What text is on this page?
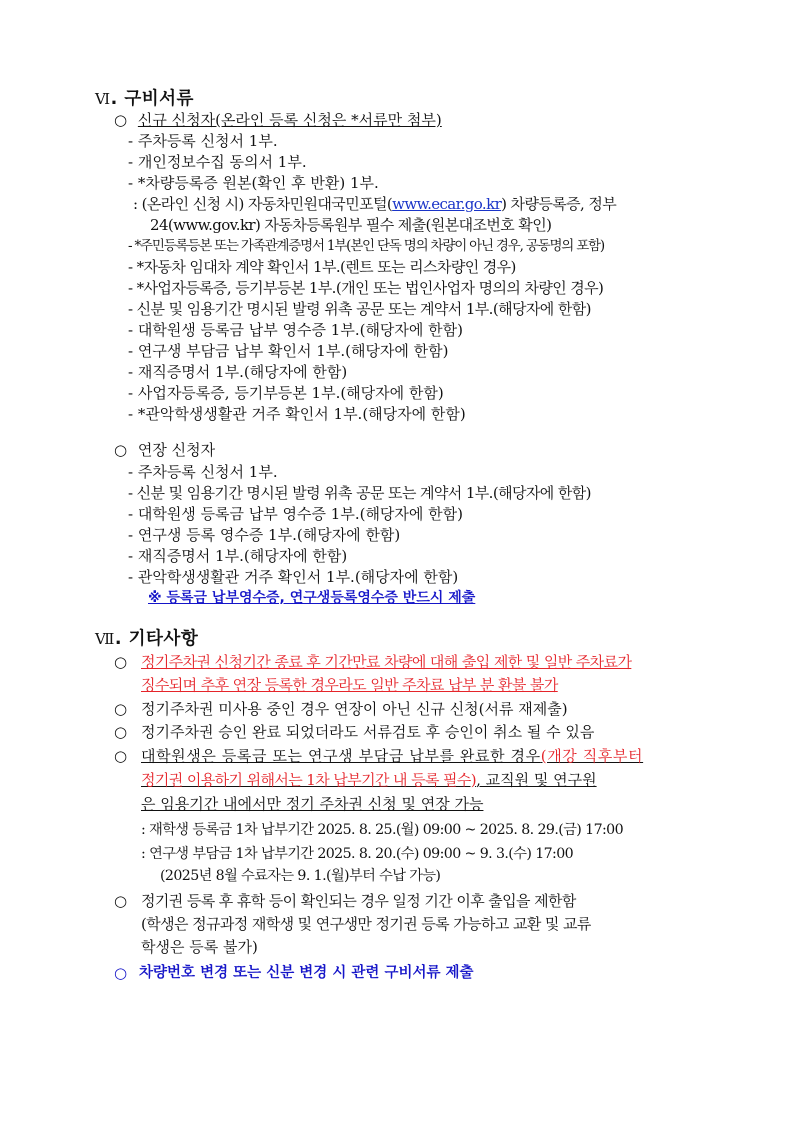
Ⅵ. 구비서류
○ 신규 신청자(온라인 등록 신청은 *서류만 첨부)
- 주차등록 신청서 1부.
- 개인정보수집 동의서 1부.
- *차량등록증 원본(확인 후 반환) 1부.
: (온라인 신청 시) 자동차민원대국민포털(www.ecar.go.kr) 차량등록증, 정부
24(www.gov.kr) 자동차등록원부 필수 제출(원본대조번호 확인)
- *주민등록등본 또는 가족관계증명서 1부(본인 단독 명의 차량이 아닌 경우, 공동명의 포함)
- *자동차 임대차 계약 확인서 1부.(렌트 또는 리스차량인 경우)
- *사업자등록증, 등기부등본 1부.(개인 또는 법인사업자 명의의 차량인 경우)
- 신분 및 임용기간 명시된 발령 위촉 공문 또는 계약서 1부.(해당자에 한함)
- 대학원생 등록금 납부 영수증 1부.(해당자에 한함)
- 연구생 부담금 납부 확인서 1부.(해당자에 한함)
- 재직증명서 1부.(해당자에 한함)
- 사업자등록증, 등기부등본 1부.(해당자에 한함)
- *관악학생생활관 거주 확인서 1부.(해당자에 한함)
○ 연장 신청자
- 주차등록 신청서 1부.
- 신분 및 임용기간 명시된 발령 위촉 공문 또는 계약서 1부.(해당자에 한함)
- 대학원생 등록금 납부 영수증 1부.(해당자에 한함)
- 연구생 등록 영수증 1부.(해당자에 한함)
- 재직증명서 1부.(해당자에 한함)
- 관악학생생활관 거주 확인서 1부.(해당자에 한함)
※ 등록금 납부영수증, 연구생등록영수증 반드시 제출
Ⅶ. 기타사항
○ 정기주차권 신청기간 종료 후 기간만료 차량에 대해 출입 제한 및 일반 주차료가
징수되며 추후 연장 등록한 경우라도 일반 주차료 납부 분 환불 불가
○ 정기주차권 미사용 중인 경우 연장이 아닌 신규 신청(서류 재제출)
○ 정기주차권 승인 완료 되었더라도 서류검토 후 승인이 취소 될 수 있음
○ 대학원생은 등록금 또는 연구생 부담금 납부를 완료한 경우(개강 직후부터
정기권 이용하기 위해서는 1차 납부기간 내 등록 필수), 교직원 및 연구원
은 임용기간 내에서만 정기 주차권 신청 및 연장 가능
: 재학생 등록금 1차 납부기간 2025. 8. 25.(월) 09:00 ~ 2025. 8. 29.(금) 17:00
: 연구생 부담금 1차 납부기간 2025. 8. 20.(수) 09:00 ~ 9. 3.(수) 17:00
(2025년 8월 수료자는 9. 1.(월)부터 수납 가능)
○ 정기권 등록 후 휴학 등이 확인되는 경우 일정 기간 이후 출입을 제한함
(학생은 정규과정 재학생 및 연구생만 정기권 등록 가능하고 교환 및 교류
학생은 등록 불가)
○ 차량번호 변경 또는 신분 변경 시 관련 구비서류 제출
